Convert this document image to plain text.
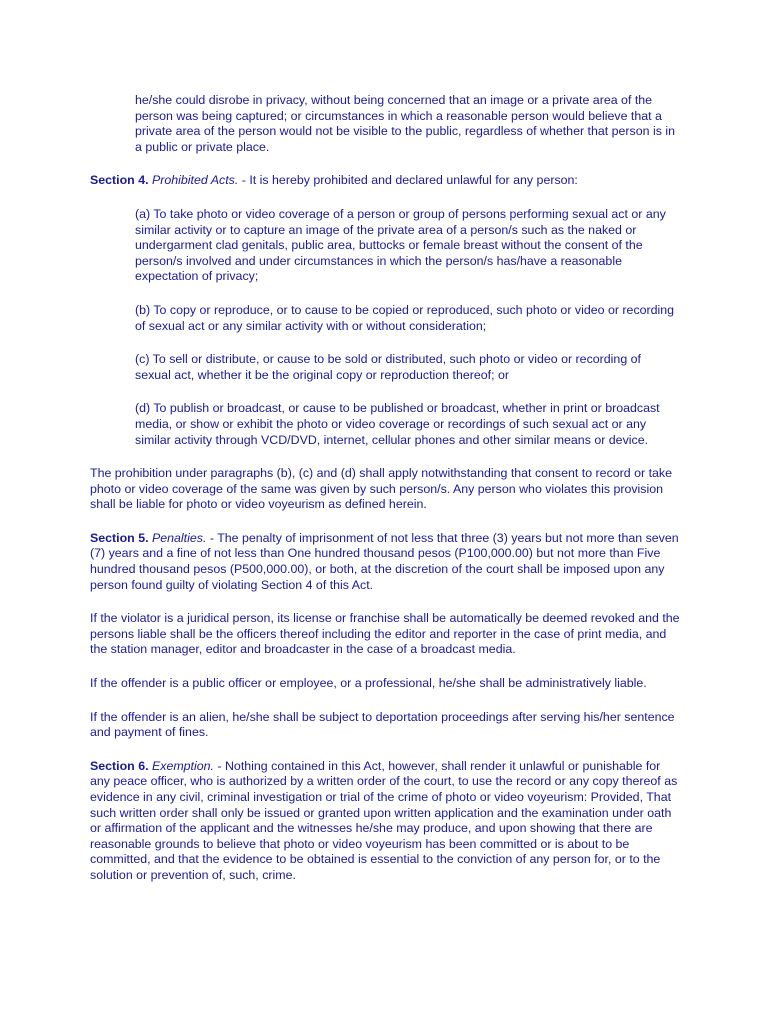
he/she could disrobe in privacy, without being concerned that an image or a private area of the person was being captured; or circumstances in which a reasonable person would believe that a private area of the person would not be visible to the public, regardless of whether that person is in a public or private place.

Section 4. Prohibited Acts. - It is hereby prohibited and declared unlawful for any person:

(a) To take photo or video coverage of a person or group of persons performing sexual act or any similar activity or to capture an image of the private area of a person/s such as the naked or undergarment clad genitals, public area, buttocks or female breast without the consent of the person/s involved and under circumstances in which the person/s has/have a reasonable expectation of privacy;

(b) To copy or reproduce, or to cause to be copied or reproduced, such photo or video or recording of sexual act or any similar activity with or without consideration;

(c) To sell or distribute, or cause to be sold or distributed, such photo or video or recording of sexual act, whether it be the original copy or reproduction thereof; or

(d) To publish or broadcast, or cause to be published or broadcast, whether in print or broadcast media, or show or exhibit the photo or video coverage or recordings of such sexual act or any similar activity through VCD/DVD, internet, cellular phones and other similar means or device.

The prohibition under paragraphs (b), (c) and (d) shall apply notwithstanding that consent to record or take photo or video coverage of the same was given by such person/s. Any person who violates this provision shall be liable for photo or video voyeurism as defined herein.

Section 5. Penalties. - The penalty of imprisonment of not less that three (3) years but not more than seven (7) years and a fine of not less than One hundred thousand pesos (P100,000.00) but not more than Five hundred thousand pesos (P500,000.00), or both, at the discretion of the court shall be imposed upon any person found guilty of violating Section 4 of this Act.

If the violator is a juridical person, its license or franchise shall be automatically be deemed revoked and the persons liable shall be the officers thereof including the editor and reporter in the case of print media, and the station manager, editor and broadcaster in the case of a broadcast media.

If the offender is a public officer or employee, or a professional, he/she shall be administratively liable.

If the offender is an alien, he/she shall be subject to deportation proceedings after serving his/her sentence and payment of fines.

Section 6. Exemption. - Nothing contained in this Act, however, shall render it unlawful or punishable for any peace officer, who is authorized by a written order of the court, to use the record or any copy thereof as evidence in any civil, criminal investigation or trial of the crime of photo or video voyeurism: Provided, That such written order shall only be issued or granted upon written application and the examination under oath or affirmation of the applicant and the witnesses he/she may produce, and upon showing that there are reasonable grounds to believe that photo or video voyeurism has been committed or is about to be committed, and that the evidence to be obtained is essential to the conviction of any person for, or to the solution or prevention of, such, crime.
